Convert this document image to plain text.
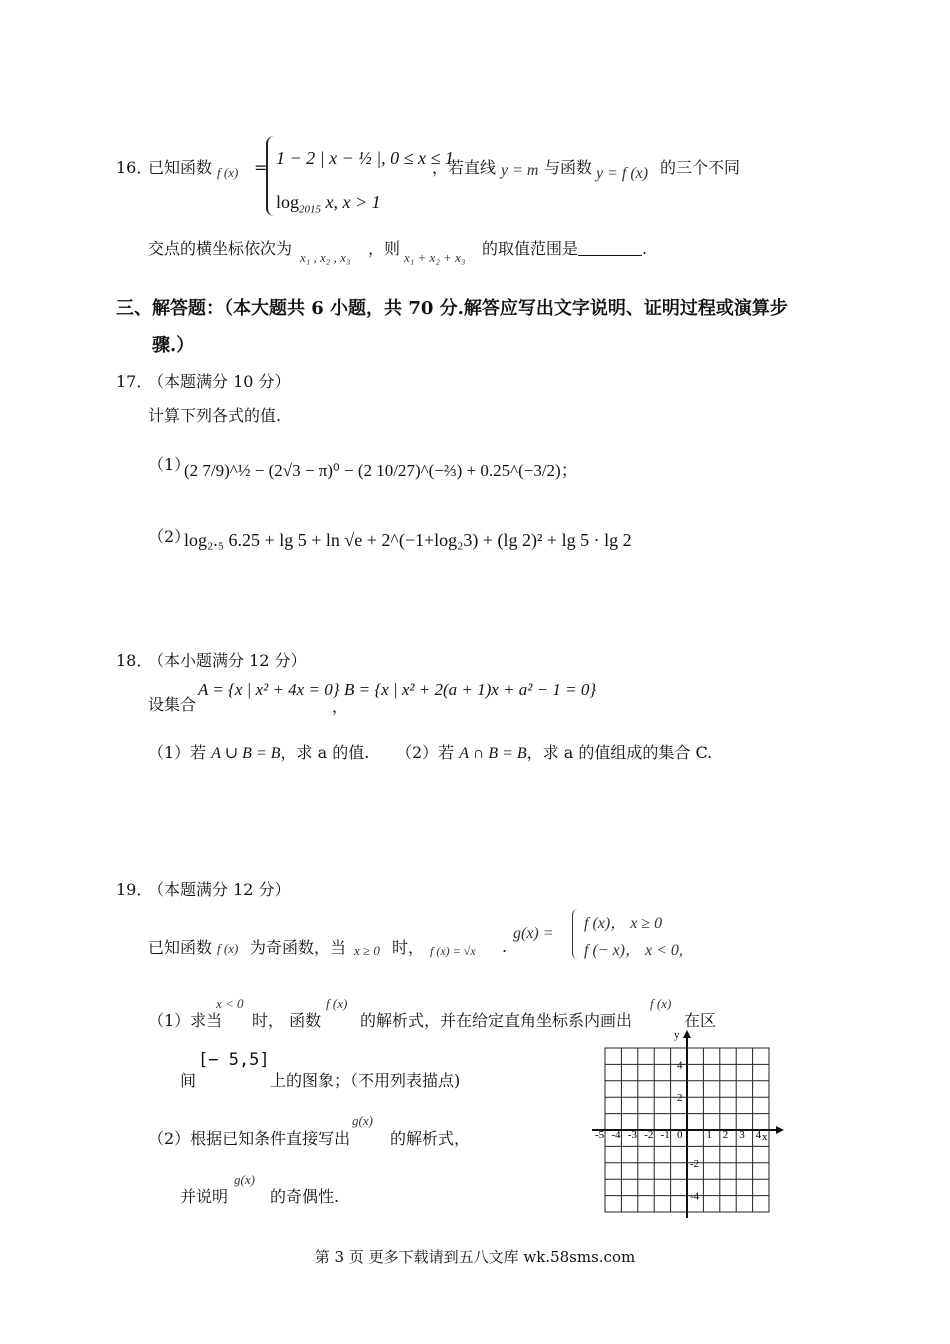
16．
已知函数 f (x) = 1 − 2 | x − ½ |, 0 ≤ x ≤ 1
$\log_{2015} x$, x > 1
，若直线 y = m 与函数 y = f (x) 的三个不同
交点的横坐标依次为 x₁ , x₂ , x₃ ，则 x₁ + x₂ + x₃ 的取值范围是	.
三、解答题：（本大题共 6 小题，共 70 分.解答应写出文字说明、证明过程或演算步
骤.）
17．
（本题满分 10 分）
计算下列各式的值.
（1）
(2 7/9)^½ − (2√3 − π)⁰ − (2 10/27)^(−⅔) + 0.25^(−3/2)；
（2）
log₂.₅ 6.25 + lg 5 + ln √e + 2^(−1+log₂3) + (lg 2)² + lg 5 · lg 2
18．
（本小题满分 12 分）
设集合
A = {x | x² + 4x = 0}
，
B = {x | x² + 2(a + 1)x + a² − 1 = 0}
（1）若 A ∪ B = B，求 a 的值. （2）若 A ∩ B = B，求 a 的值组成的集合 C.
19．
（本题满分 12 分）
已知函数 f (x) 为奇函数，当 x ≥ 0 时， f (x) = √x .
g(x) =
f (x)， x ≥ 0
f (− x)， x < 0,
（1）求当
x < 0
时， 函数
f (x)
的解析式，并在给定直角坐标系内画出
f (x)
在区
间
[− 5,5]
上的图象；（不用列表描点)
（2）根据已知条件直接写出
g(x)
的解析式，
并说明
g(x)
的奇偶性.
y
x
-5 -4 -3 -2 -1 0 1 2 3 4
4
2
-2
-4
第 3 页 更多下载请到五八文库 wk.58sms.com
